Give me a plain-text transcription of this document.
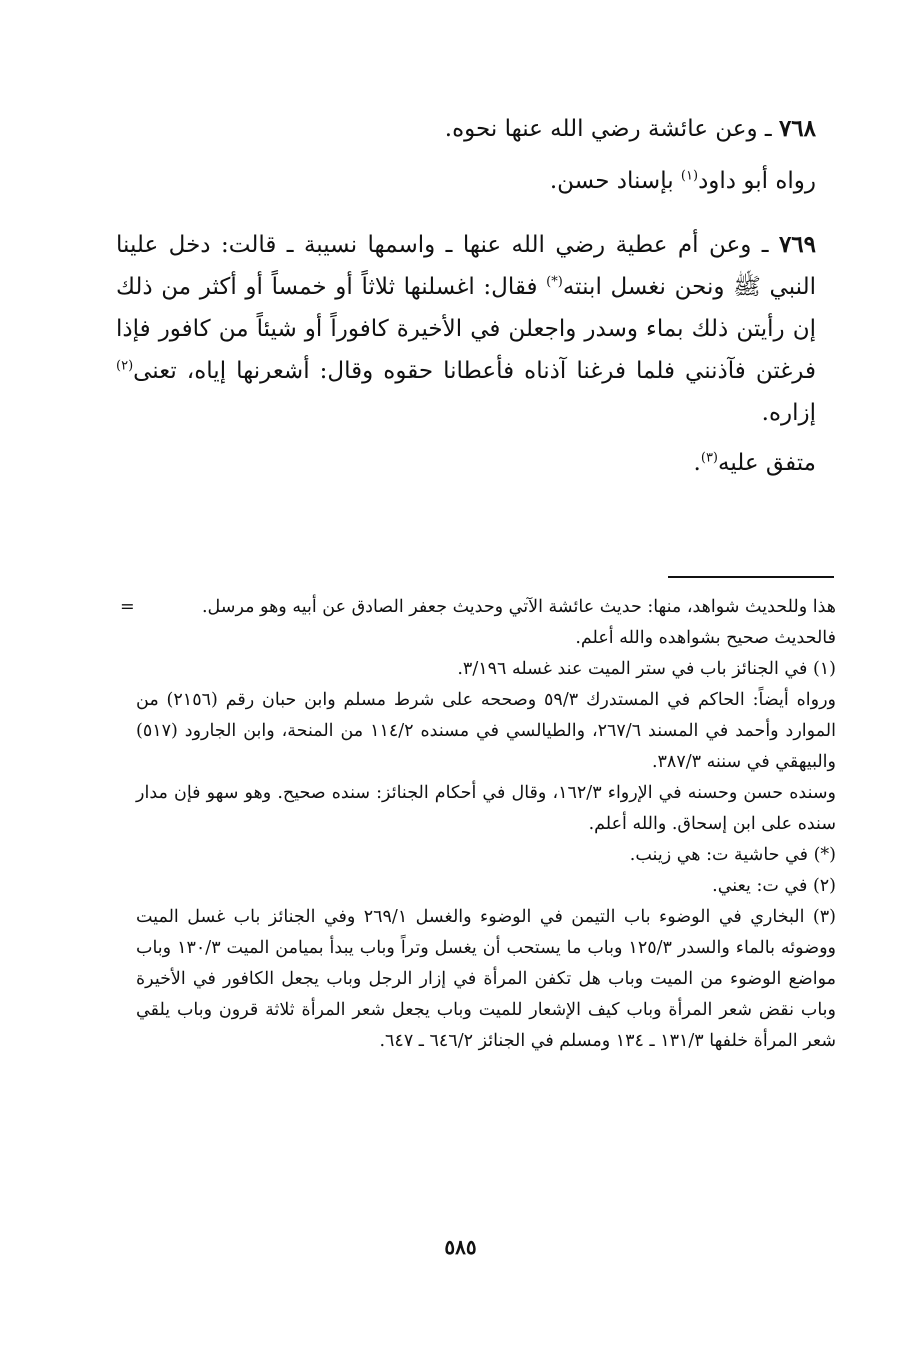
٧٦٨ ـ وعن عائشة رضي الله عنها نحوه.

رواه أبو داود$^{(١)}$ بإسناد حسن.

٧٦٩ ـ وعن أم عطية رضي الله عنها ـ واسمها نسيبة ـ قالت: دخل علينا النبي ﷺ ونحن نغسل ابنته(*) فقال: اغسلنها ثلاثاً أو خمساً أو أكثر من ذلك إن رأيتن ذلك بماء وسدر واجعلن في الأخيرة كافوراً أو شيئاً من كافور فإذا فرغتن فآذنني فلما فرغنا آذناه فأعطانا حقوه وقال: أشعرنها إياه، تعنى$^{(٢)}$ إزاره.

متفق عليه$^{(٣)}$.

=	هذا وللحديث شواهد، منها: حديث عائشة الآتي وحديث جعفر الصادق عن أبيه وهو مرسل.
فالحديث صحيح بشواهده والله أعلم.
(١) في الجنائز باب في ستر الميت عند غسله ٣/١٩٦.
ورواه أيضاً: الحاكم في المستدرك ٥٩/٣ وصححه على شرط مسلم وابن حبان رقم (٢١٥٦) من الموارد وأحمد في المسند ٢٦٧/٦، والطيالسي في مسنده ١١٤/٢ من المنحة، وابن الجارود (٥١٧) والبيهقي في سننه ٣٨٧/٣.
وسنده حسن وحسنه في الإرواء ١٦٢/٣، وقال في أحكام الجنائز: سنده صحيح. وهو سهو فإن مدار سنده على ابن إسحاق. والله أعلم.
(*) في حاشية ت: هي زينب.
(٢) في ت: يعني.
(٣) البخاري في الوضوء باب التيمن في الوضوء والغسل ٢٦٩/١ وفي الجنائز باب غسل الميت ووضوئه بالماء والسدر ١٢٥/٣ وباب ما يستحب أن يغسل وتراً وباب يبدأ بميامن الميت ١٣٠/٣ وباب مواضع الوضوء من الميت وباب هل تكفن المرأة في إزار الرجل وباب يجعل الكافور في الأخيرة وباب نقض شعر المرأة وباب كيف الإشعار للميت وباب يجعل شعر المرأة ثلاثة قرون وباب يلقي شعر المرأة خلفها ١٣١/٣ ـ ١٣٤ ومسلم في الجنائز ٦٤٦/٢ ـ ٦٤٧.
٥٨٥
